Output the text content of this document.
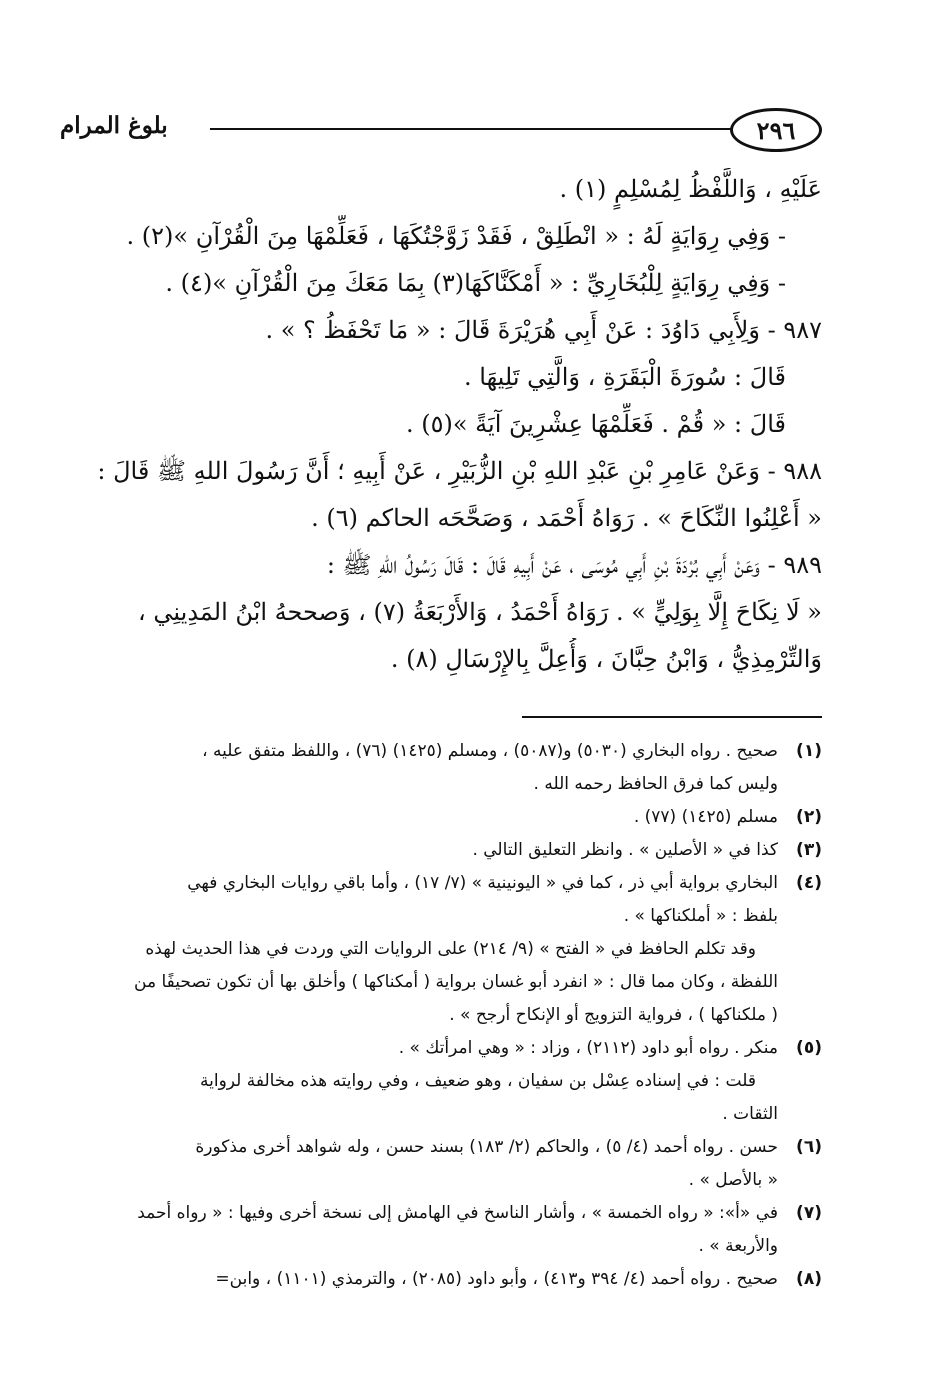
٢٩٦
بلوغ المرام
عَلَيْهِ ، وَاللَّفْظُ لِمُسْلِمٍ (١) .
- وَفِي رِوَايَةٍ لَهُ : « انْطَلِقْ ، فَقَدْ زَوَّجْتُكَهَا ، فَعَلِّمْهَا مِنَ الْقُرْآنِ »(٢) .
- وَفِي رِوَايَةٍ لِلْبُخَارِيِّ : « أَمْكَنَّاكَهَا(٣) بِمَا مَعَكَ مِنَ الْقُرْآنِ »(٤) .
٩٨٧ - وَلِأَبِي دَاوُدَ : عَنْ أَبِي هُرَيْرَةَ قَالَ : « مَا تَحْفَظُ ؟ » .
قَالَ : سُورَةَ الْبَقَرَةِ ، وَالَّتِي تَلِيهَا .
قَالَ : « قُمْ . فَعَلِّمْهَا عِشْرِينَ آيَةً »(٥) .
٩٨٨ - وَعَنْ عَامِرِ بْنِ عَبْدِ اللهِ بْنِ الزُّبَيْرِ ، عَنْ أَبِيهِ ؛ أَنَّ رَسُولَ اللهِ ﷺ قَالَ :
« أَعْلِنُوا النِّكَاحَ » . رَوَاهُ أَحْمَد ، وَصَحَّحَه الحاكم (٦) .
٩٨٩ - وَعَنْ أَبِي بُرْدَةَ بْنِ أَبِي مُوسَى ، عَنْ أَبِيهِ قَالَ : قَالَ رَسُولُ اللهِ ﷺ :
« لَا نِكَاحَ إِلَّا بِوَلِيٍّ » . رَوَاهُ أَحْمَدُ ، وَالأَرْبَعَةُ (٧) ، وَصححهُ ابْنُ المَدِينِي ،
وَالتِّرْمِذِيُّ ، وَابْنُ حِبَّانَ ، وَأُعِلَّ بِالإِرْسَالِ (٨) .
(١)
صحيح . رواه البخاري (٥٠٣٠) و(٥٠٨٧) ، ومسلم (١٤٢٥) (٧٦) ، واللفظ متفق عليه ،
وليس كما فرق الحافظ رحمه الله .
(٢)
مسلم (١٤٢٥) (٧٧) .
(٣)
كذا في « الأصلين » . وانظر التعليق التالي .
(٤)
البخاري برواية أبي ذر ، كما في « اليونينية » (٧/ ١٧) ، وأما باقي روايات البخاري فهي
بلفظ : « أملكناكها » .
وقد تكلم الحافظ في « الفتح » (٩/ ٢١٤) على الروايات التي وردت في هذا الحديث لهذه
اللفظة ، وكان مما قال : « انفرد أبو غسان برواية ( أمكناكها ) وأخلق بها أن تكون تصحيفًا من
( ملكناكها ) ، فرواية التزويج أو الإنكاح أرجح » .
(٥)
منكر . رواه أبو داود (٢١١٢) ، وزاد : « وهي امرأتك » .
قلت : في إسناده عِسْل بن سفيان ، وهو ضعيف ، وفي روايته هذه مخالفة لرواية
الثقات .
(٦)
حسن . رواه أحمد (٤/ ٥) ، والحاكم (٢/ ١٨٣) بسند حسن ، وله شواهد أخرى مذكورة
« بالأصل » .
(٧)
في «أ»: « رواه الخمسة » ، وأشار الناسخ في الهامش إلى نسخة أخرى وفيها : « رواه أحمد
والأربعة » .
(٨)
صحيح . رواه أحمد (٤/ ٣٩٤ و٤١٣) ، وأبو داود (٢٠٨٥) ، والترمذي (١١٠١) ، وابن=
